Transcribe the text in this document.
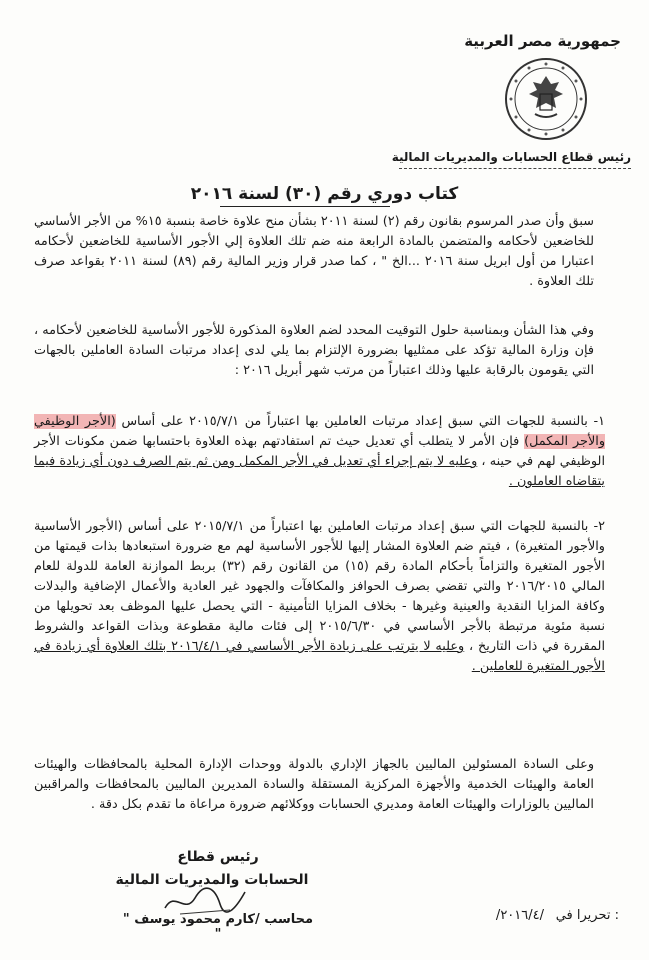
جمهورية مصر العربية
رئيس قطاع الحسابات والمديريات المالية
كتاب دوري رقم (٣٠) لسنة ٢٠١٦
سبق وأن صدر المرسوم بقانون رقم (٢) لسنة ٢٠١١ بشأن منح علاوة خاصة بنسبة ١٥% من الأجر الأساسي للخاضعين لأحكامه والمتضمن بالمادة الرابعة منه ضم تلك العلاوة إلي الأجور الأساسية للخاضعين لأحكامه اعتبارا من أول ابريل سنة ٢٠١٦ ...الخ " ، كما صدر قرار وزير المالية رقم (٨٩) لسنة ٢٠١١ بقواعد صرف تلك العلاوة .
وفي هذا الشأن وبمناسبة حلول التوقيت المحدد لضم العلاوة المذكورة للأجور الأساسية للخاضعين لأحكامه ، فإن وزارة المالية تؤكد على ممثليها بضرورة الإلتزام بما يلي لدى إعداد مرتبات السادة العاملين بالجهات التي يقومون بالرقابة عليها وذلك اعتباراً من مرتب شهر أبريل ٢٠١٦ :
١- بالنسبة للجهات التي سبق إعداد مرتبات العاملين بها اعتباراً من ٢٠١٥/٧/١ على أساس (الأجر الوظيفي والأجر المكمل) فإن الأمر لا يتطلب أي تعديل حيث تم استفادتهم بهذه العلاوة باحتسابها ضمن مكونات الأجر الوظيفي لهم في حينه ، وعليه لا يتم إجراء أي تعديل في الأجر المكمل ومن ثم يتم الصرف دون أي زيادة فيما يتقاضاه العاملون .
٢- بالنسبة للجهات التي سبق إعداد مرتبات العاملين بها اعتباراً من ٢٠١٥/٧/١ على أساس (الأجور الأساسية والأجور المتغيرة) ، فيتم ضم العلاوة المشار إليها للأجور الأساسية لهم مع ضرورة استبعادها بذات قيمتها من الأجور المتغيرة والتزاماً بأحكام المادة رقم (١٥) من القانون رقم (٣٢) بربط الموازنة العامة للدولة للعام المالي ٢٠١٦/٢٠١٥ والتي تقضي بصرف الحوافز والمكافآت والجهود غير العادية والأعمال الإضافية والبدلات وكافة المزايا النقدية والعينية وغيرها - بخلاف المزايا التأمينية - التي يحصل عليها الموظف بعد تحويلها من نسبة مئوية مرتبطة بالأجر الأساسي في ٢٠١٥/٦/٣٠ إلى فئات مالية مقطوعة وبذات القواعد والشروط المقررة في ذات التاريخ ، وعليه لا يترتب على زيادة الأجر الأساسي في ٢٠١٦/٤/١ بتلك العلاوة أي زيادة في الأجور المتغيرة للعاملين .
وعلى السادة المسئولين الماليين بالجهاز الإداري بالدولة ووحدات الإدارة المحلية بالمحافظات والهيئات العامة والهيئات الخدمية والأجهزة المركزية المستقلة والسادة المديرين الماليين بالمحافظات والمراقبين الماليين بالوزارات والهيئات العامة ومديري الحسابات ووكلائهم ضرورة مراعاة ما تقدم بكل دقة .
رئيس قطاع
الحسابات والمديريات المالية
" محاسب /كارم محمود يوسف "
تحريرا في :
/٢٠١٦/٤/
